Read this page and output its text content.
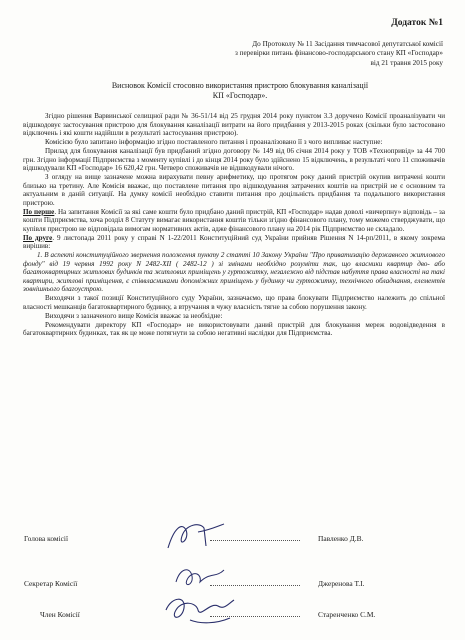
Додаток №1
До Протоколу № 11 Засідання тимчасової депутатської комісії
з перевірки питань фінансово-господарського стану КП «Господар»
від 21 травня 2015 року
Висновок Комісії стосовно використання пристрою блокування каналізації
КП «Господар».

Згідно рішення Варвинської селищної ради № 36-51/14 від 25 грудня 2014 року пунктом 3.3 доручено Комісії проаналізувати чи відшкодовує застосування пристрою для блокування каналізації витрати на його придбання у 2013-2015 роках (скільки було застосовано відключень і які кошти надійшли в результаті застосування пристрою).

Комісією було запитано інформацію згідно поставленого питання і проаналізовано її з чого випливає наступне:

Прилад для блокування каналізації був придбаний згідно договору № 149 від 06 січня 2014 року у ТОВ «Технопривід» за 44 700 грн. Згідно інформації Підприємства з моменту купівлі і до кінця 2014 року було здійснено 15 відключень, в результаті чого 11 споживачів відшкодували КП «Господар» 16 620,42 грн. Четверо споживачів не відшкодували нічого.

З огляду на вище зазначене можна вирахувати певну арифметику, що протягом року даний пристрій окупив витрачені кошти близько на третину. Але Комісія вважає, що поставлене питання про відшкодування затрачених коштів на пристрій не є основним та актуальним в даній ситуації. На думку комісії необхідно ставити питання про доцільність придбання та подальшого використання пристрою.

По перше. На запитання Комісії за які саме кошти було придбано даний пристрій, КП «Господар» надав доволі «вичерпну» відповідь – за кошти Підприємства, хоча розділ 8 Статуту вимагає використання коштів тільки згідно фінансового плану, тому можемо стверджувати, що купівля пристрою не відповідала вимогам нормативних актів, адже фінансового плану на 2014 рік Підприємство не складало.

По друге. 9 листопада 2011 року у справі N 1-22/2011 Конституційний суд України прийняв Рішення N 14-рп/2011, в якому зокрема вирішив:

1. В аспекті конституційного звернення положення пункту 2 статті 10 Закону України "Про приватизацію державного житлового фонду" від 19 червня 1992 року N 2482-XII ( 2482-12 ) зі змінами необхідно розуміти так, що власники квартир дво- або багатоквартирних житлових будинків та житлових приміщень у гуртожитку, незалежно від підстав набуття права власності на такі квартири, житлові приміщення, є співвласниками допоміжних приміщень у будинку чи гуртожитку, технічного обладнання, елементів зовнішнього благоустрою.

Виходячи з такої позиції Конституційного суду України, зазначаємо, що права блокувати Підприємство належить до спільної власності мешканців багатоквартирного будинку, а втручання в чужу власність тягне за собою порушення закону.

Виходячи з зазначеного вище Комісія вважає за необхідне:

Рекомендувати директору КП «Господар» не використовувати даний пристрій для блокування мереж водовідведення в багатоквартирних будинках, так як це може потягнути за собою негативні наслідки для Підприємства.

Голова комісії	Павленко Д.В.
Секретар Комісії	Джеренова Т.І.
Член Комісії	Старенченко С.М.
